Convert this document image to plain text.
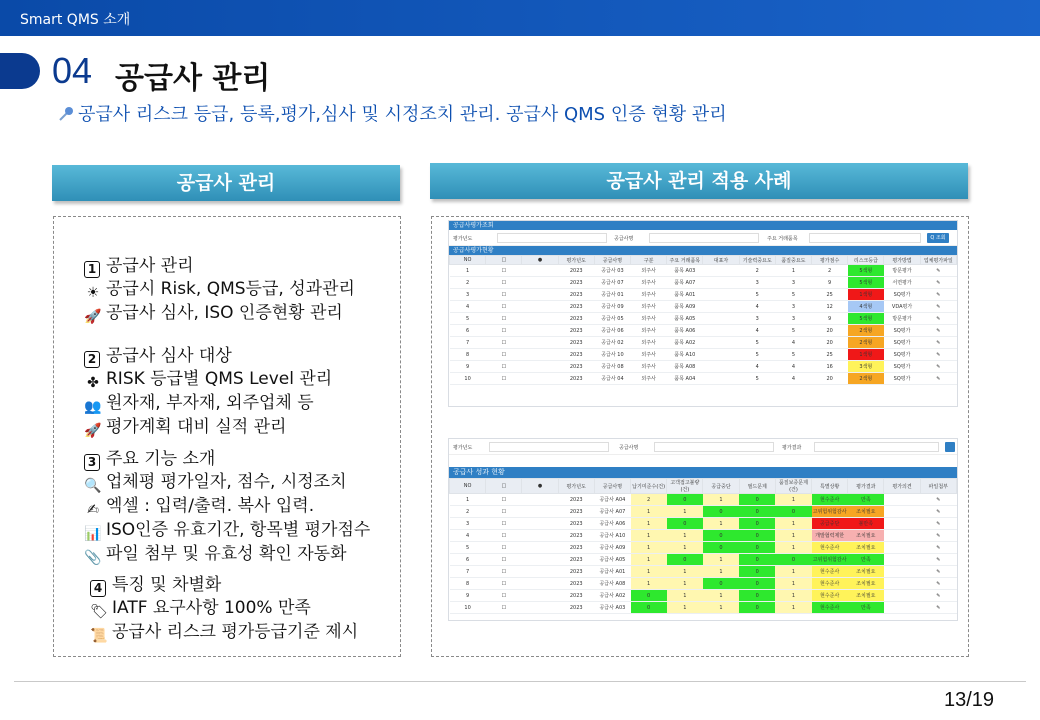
Smart QMS 소개
04 공급사 관리
공급사 리스크 등급, 등록,평가,심사 및 시정조치 관리. 공급사 QMS 인증 현황 관리
공급사 관리	공급사 관리 적용 사례
1 공급사 관리
☀ 공급시 Risk, QMS등급, 성과관리
🚀 공급사 심사, ISO 인증현황 관리
2 공급사 심사 대상
✤ RISK 등급별 QMS Level 관리
👥 원자재, 부자재, 외주업체 등
🚀 평가계획 대비 실적 관리
3 주요 기능 소개
🔍 업체평 평가일자, 점수, 시정조치
✍ 엑셀 : 입력/출력. 복사 입력.
📊 ISO인증 유효기간, 항목별 평가점수
📎 파일 첨부 및 유효성 확인 자동화
4 특징 및 차별화
🏷 IATF 요구사항 100% 만족
📜 공급사 리스크 평가등급기준 제시
공급사평가조회
평가년도	공급사명	주요 거래품목	Q 조회
공급사평가현황
NO	□	●	평가년도	공급사명	구분	주요 거래품목	대표자	기술력중요도	품질중요도	평가점수	리스크등급	평가방법	업체평가파일
1	☐		2023	공급사 03	외주사	품목 A03		2	1	2	5색형	방문평가	✎
2	☐		2023	공급사 07	외주사	품목 A07		3	3	9	5색형	서면평가	✎
3	☐		2023	공급사 01	외주사	품목 A01		5	5	25	1색형	SQ평가	✎
4	☐		2023	공급사 09	외주사	품목 A09		4	3	12	4색형	VDA평가	✎
5	☐		2023	공급사 05	외주사	품목 A05		3	3	9	5색형	방문평가	✎
6	☐		2023	공급사 06	외주사	품목 A06		4	5	20	2색형	SQ평가	✎
7	☐		2023	공급사 02	외주사	품목 A02		5	4	20	2색형	SQ평가	✎
8	☐		2023	공급사 10	외주사	품목 A10		5	5	25	1색형	SQ평가	✎
9	☐		2023	공급사 08	외주사	품목 A08		4	4	16	3색형	SQ평가	✎
10	☐		2023	공급사 04	외주사	품목 A04		5	4	20	2색형	SQ평가	✎
평가년도	공급사명	평가결과
공급사 성과 현황
NO	□	●	평가년도	공급사명	납기미준수(건)	고객접고불량(건)	공급중단	필드문제	품질보증문제(건)	특별상황	평가결과	평가의견	파일첨부
1	☐		2023	공급사 A04	2	0	1	0	1	현수준사	만족		✎
2	☐		2023	공급사 A07	1	1	0	0	0	고위험위험감사	조치필요		✎
3	☐		2023	공급사 A06	1	0	1	0	1	공급중단	불만족		✎
4	☐		2023	공급사 A10	1	1	0	0	1	개발협력제한	조치필요		✎
5	☐		2023	공급사 A09	1	1	0	0	1	현수준사	조치필요		✎
6	☐		2023	공급사 A05	1	0	1	0	0	고위험위험감사	만족		✎
7	☐		2023	공급사 A01	1	1	1	0	1	현수준사	조치필요		✎
8	☐		2023	공급사 A08	1	1	0	0	1	현수준사	조치필요		✎
9	☐		2023	공급사 A02	0	1	1	0	1	현수준사	조치필요		✎
10	☐		2023	공급사 A03	0	1	1	0	1	현수준사	만족		✎
13/19
